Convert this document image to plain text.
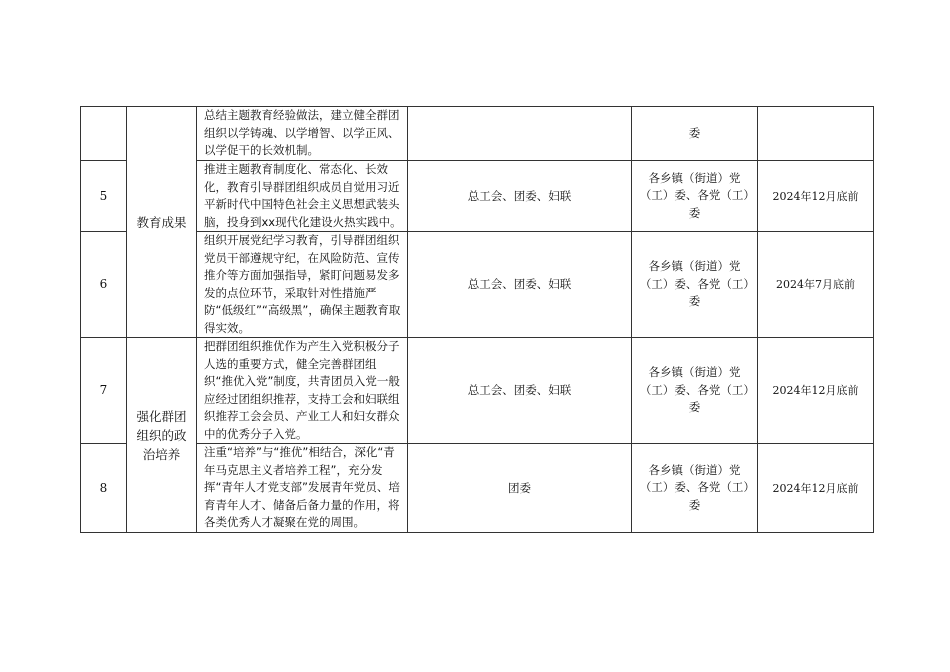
	教育成果	总结主题教育经验做法，建立健全群团组织以学铸魂、以学增智、以学正风、以学促干的长效机制。		委	

5		推进主题教育制度化、常态化、长效化，教育引导群团组织成员自觉用习近平新时代中国特色社会主义思想武装头脑，投身到xx现代化建设火热实践中。	总工会、团委、妇联	各乡镇（街道）党（工）委、各党（工）委	2024年12月底前
6		组织开展党纪学习教育，引导群团组织党员干部遵规守纪，在风险防范、宣传推介等方面加强指导，紧盯问题易发多发的点位环节，采取针对性措施严防“低级红”“高级黑”，确保主题教育取得实效。	总工会、团委、妇联	各乡镇（街道）党（工）委、各党（工）委	2024年7月底前
7	强化群团组织的政治培养	把群团组织推优作为产生入党积极分子人选的重要方式，健全完善群团组织“推优入党”制度，共青团员入党一般应经过团组织推荐，支持工会和妇联组织推荐工会会员、产业工人和妇女群众中的优秀分子入党。	总工会、团委、妇联	各乡镇（街道）党（工）委、各党（工）委	2024年12月底前
8		注重“培养”与“推优”相结合，深化“青年马克思主义者培养工程”，充分发挥“青年人才党支部”发展青年党员、培育青年人才、储备后备力量的作用，将各类优秀人才凝聚在党的周围。	团委	各乡镇（街道）党（工）委、各党（工）委	2024年12月底前
